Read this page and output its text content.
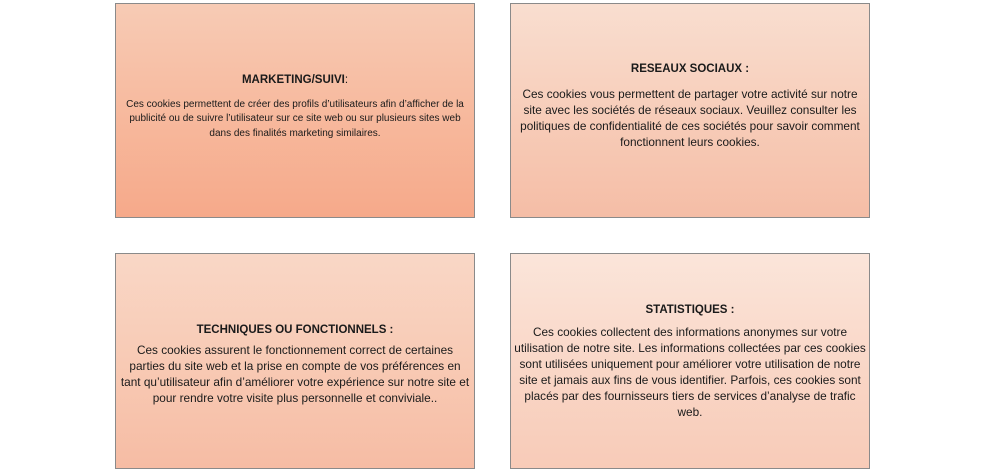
MARKETING/SUIVI:

Ces cookies permettent de créer des profils d’utilisateurs afin d’afficher de la publicité ou de suivre l’utilisateur sur ce site web ou sur plusieurs sites web dans des finalités marketing similaires.

RESEAUX SOCIAUX :

Ces cookies vous permettent de partager votre activité sur notre site avec les sociétés de réseaux sociaux. Veuillez consulter les politiques de confidentialité de ces sociétés pour savoir comment fonctionnent leurs cookies.

TECHNIQUES OU FONCTIONNELS :

Ces cookies assurent le fonctionnement correct de certaines parties du site web et la prise en compte de vos préférences en tant qu’utilisateur afin d’améliorer votre expérience sur notre site et pour rendre votre visite plus personnelle et conviviale..

STATISTIQUES :

Ces cookies collectent des informations anonymes sur votre utilisation de notre site. Les informations collectées par ces cookies sont utilisées uniquement pour améliorer votre utilisation de notre site et jamais aux fins de vous identifier. Parfois, ces cookies sont placés par des fournisseurs tiers de services d’analyse de trafic web.
